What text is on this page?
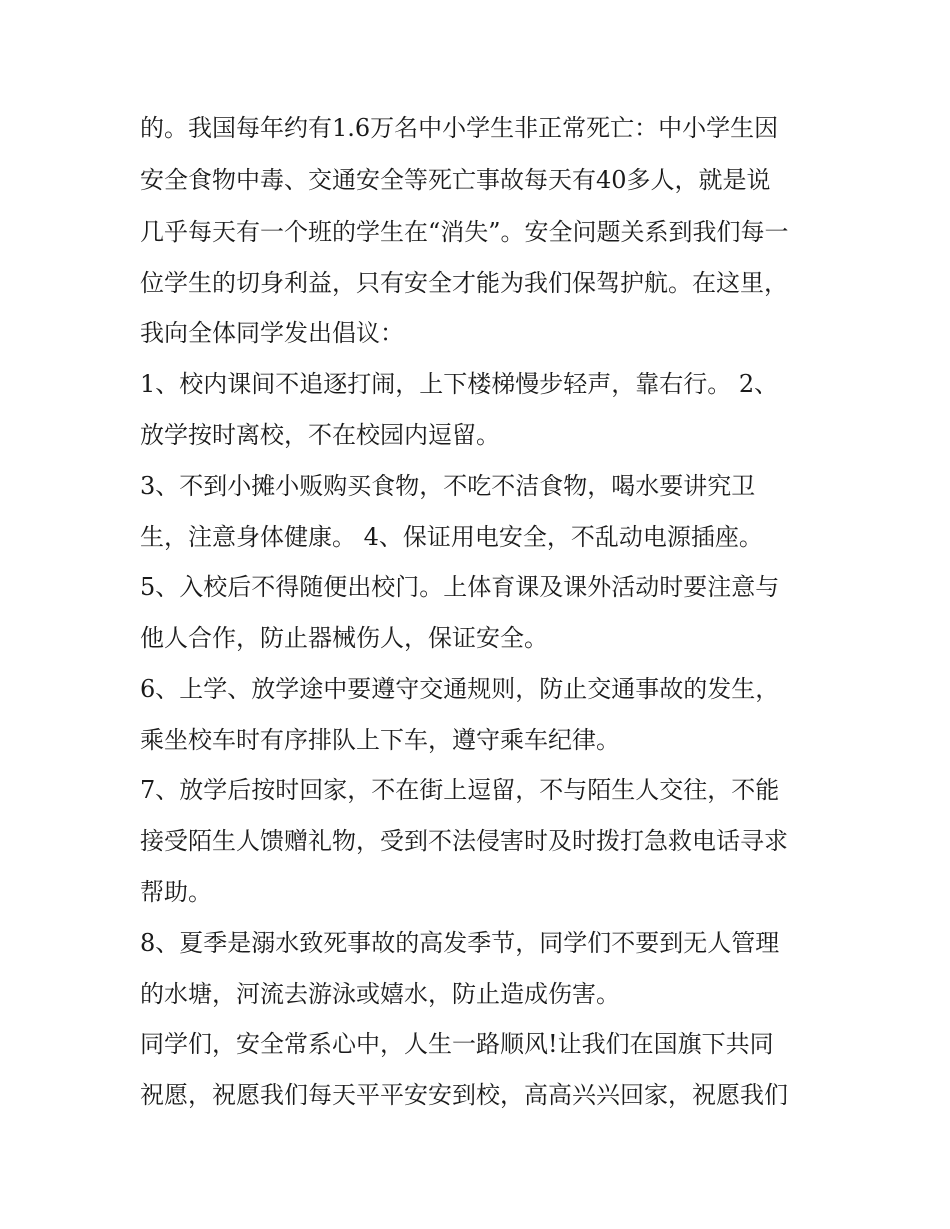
的。我国每年约有1.6万名中小学生非正常死亡：中小学生因
安全食物中毒、交通安全等死亡事故每天有40多人，就是说
几乎每天有一个班的学生在“消失”。安全问题关系到我们每一
位学生的切身利益，只有安全才能为我们保驾护航。在这里，
我向全体同学发出倡议：
1、校内课间不追逐打闹，上下楼梯慢步轻声，靠右行。 2、
放学按时离校，不在校园内逗留。
3、不到小摊小贩购买食物，不吃不洁食物，喝水要讲究卫
生，注意身体健康。 4、保证用电安全，不乱动电源插座。
5、入校后不得随便出校门。上体育课及课外活动时要注意与
他人合作，防止器械伤人，保证安全。
6、上学、放学途中要遵守交通规则，防止交通事故的发生，
乘坐校车时有序排队上下车，遵守乘车纪律。
7、放学后按时回家，不在街上逗留，不与陌生人交往，不能
接受陌生人馈赠礼物，受到不法侵害时及时拨打急救电话寻求
帮助。
8、夏季是溺水致死事故的高发季节，同学们不要到无人管理
的水塘，河流去游泳或嬉水，防止造成伤害。
同学们，安全常系心中，人生一路顺风!让我们在国旗下共同
祝愿，祝愿我们每天平平安安到校，高高兴兴回家，祝愿我们
